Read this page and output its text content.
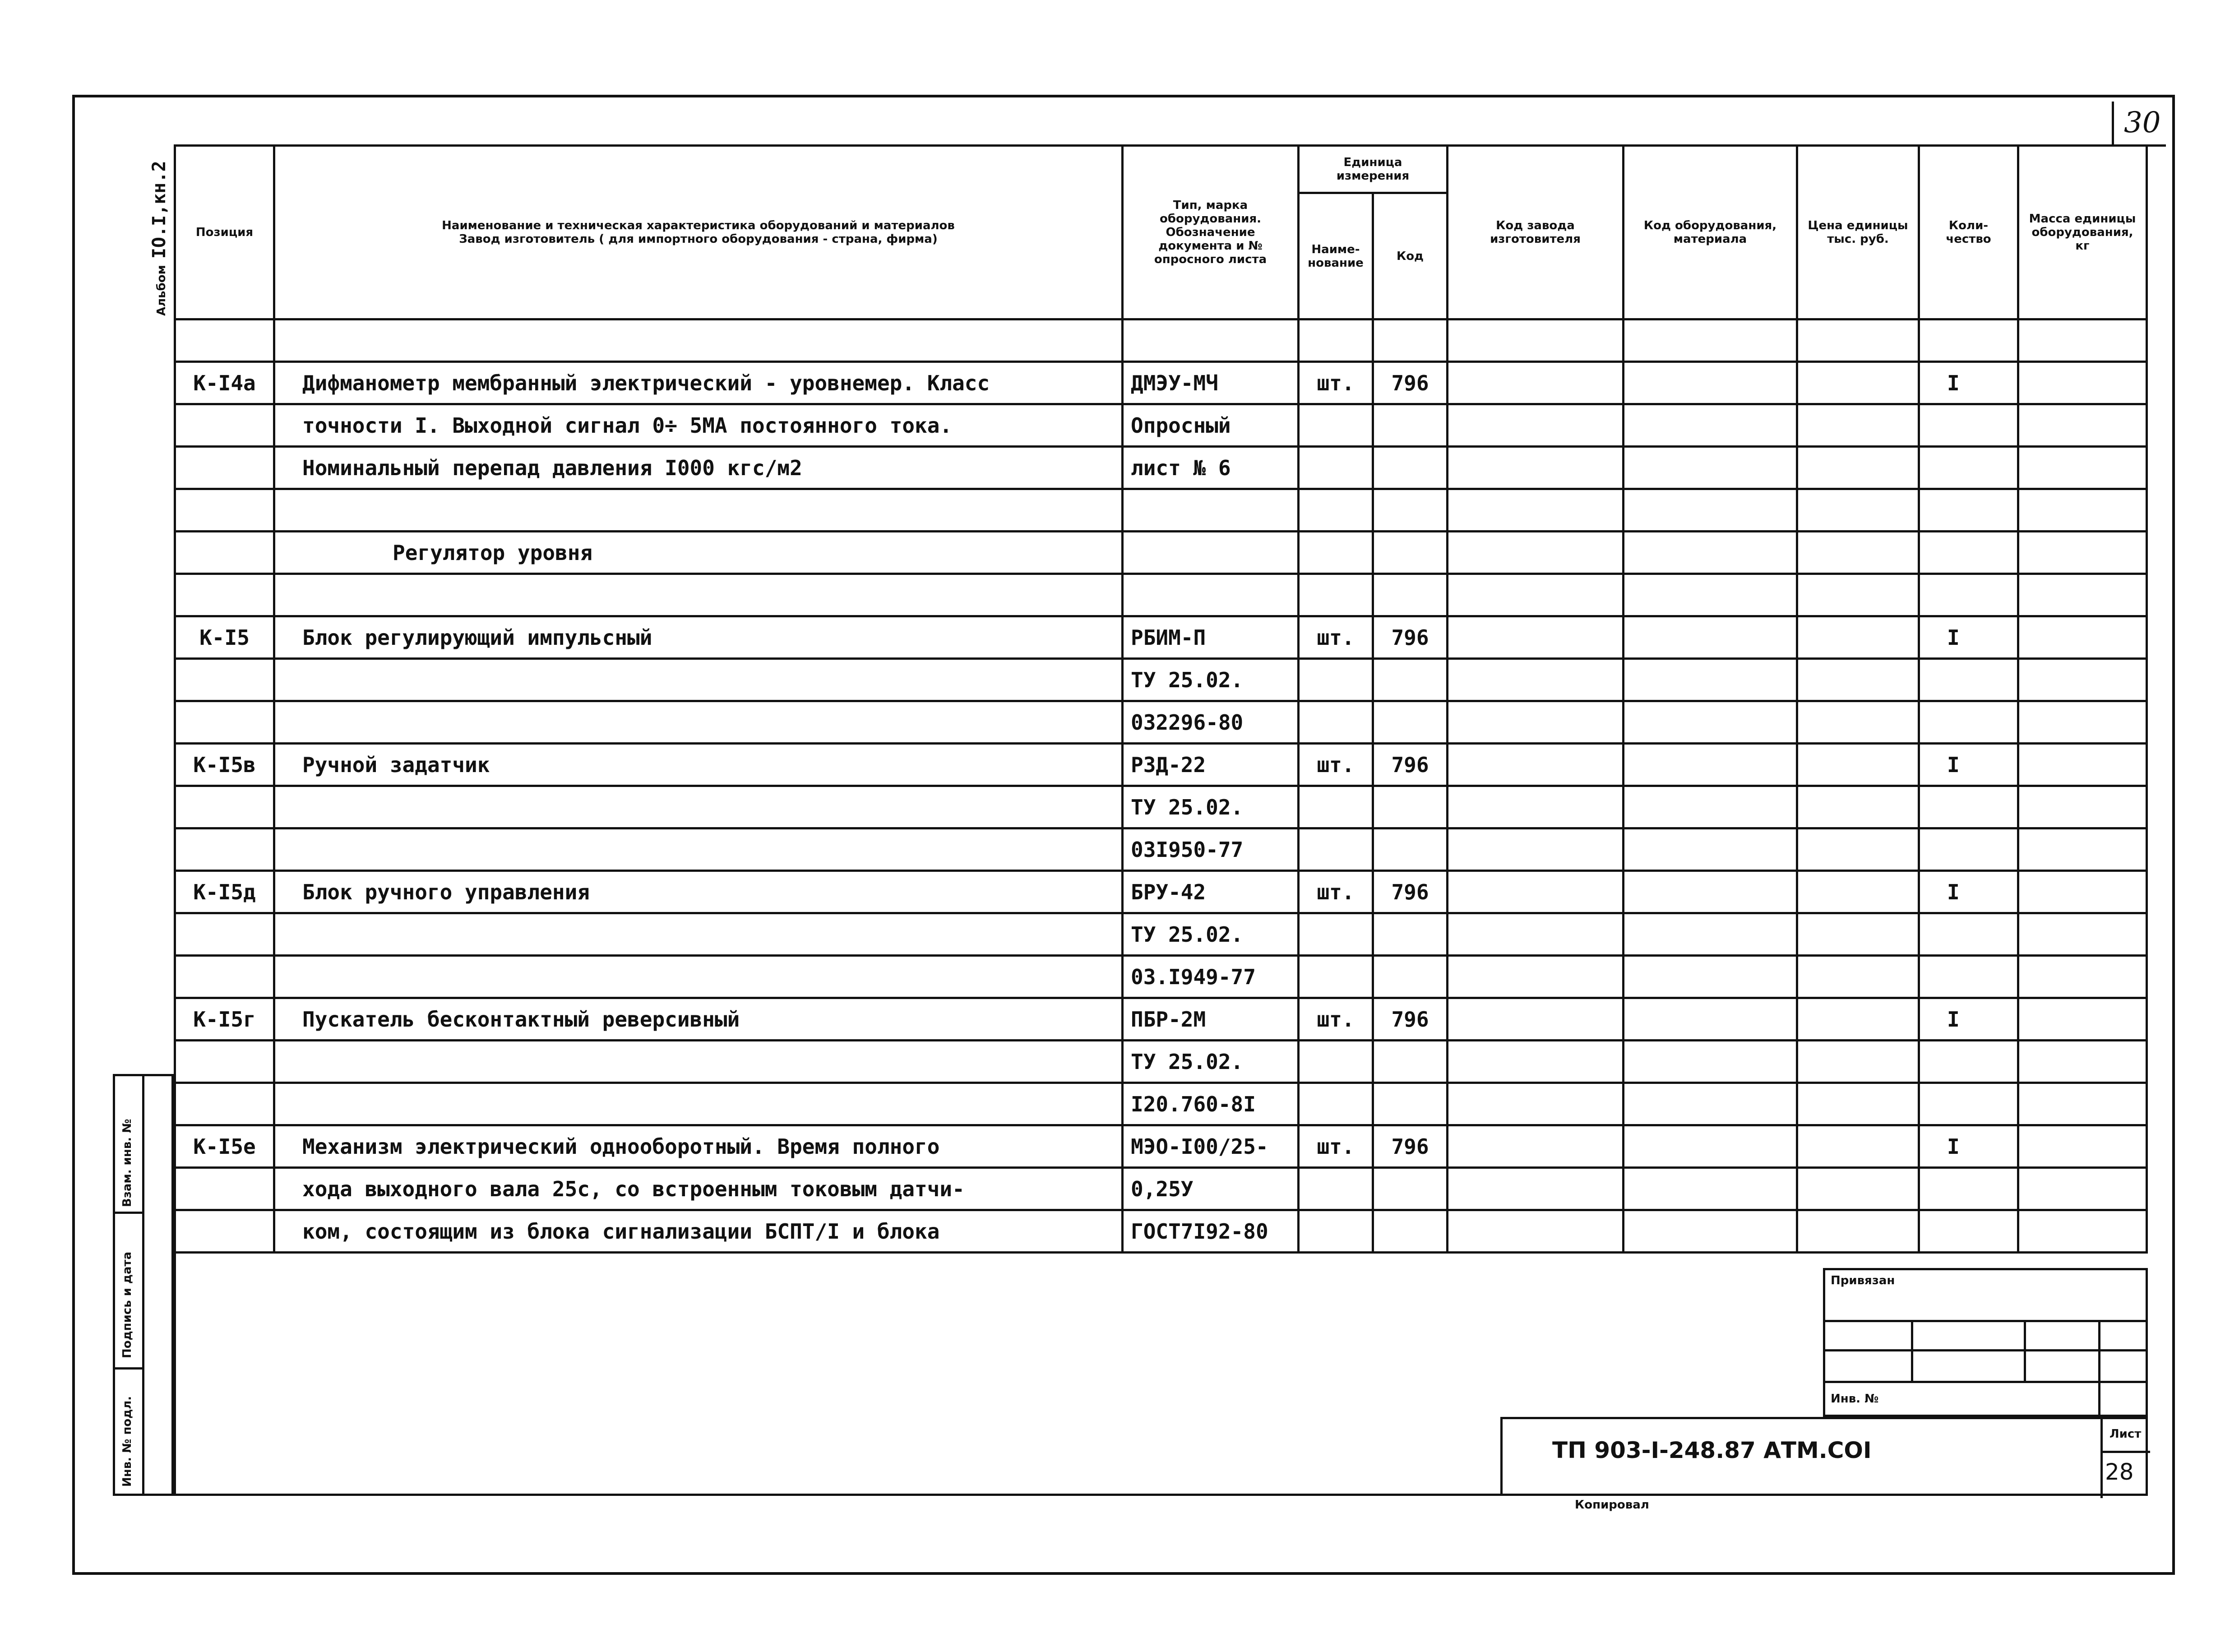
Альбом IO.I,кн.2
30
Позиция	Наименование и техническая характеристика оборудований и материалов
Завод изготовитель ( для импортного оборудования - страна, фирма)	Тип, марка оборудования. Обозначение документа и № опросного листа	Единица измерения		Код завода изготовителя	Код оборудования, материала	Цена единицы тыс. руб.	Коли-чество	Масса единицы оборудования, кг
			Наиме-нование	Код					

К-I4а	Дифманометр мембранный электрический - уровнемер. Класс	ДМЭУ-МЧ	шт.	796				I	
	точности I. Выходной сигнал 0÷ 5МА постоянного тока.	Опросный							
	Номинальный перепад давления I000 кгс/м2	лист № 6							

	Регулятор уровня								

К-I5	Блок регулирующий импульсный	РБИМ-П	шт.	796				I	
		ТУ 25.02.							
		032296-80							
К-I5в	Ручной задатчик	РЗД-22	шт.	796				I	
		ТУ 25.02.							
		03I950-77							
К-I5д	Блок ручного управления	БРУ-42	шт.	796				I	
		ТУ 25.02.							
		03.I949-77							
К-I5г	Пускатель бесконтактный реверсивный	ПБР-2М	шт.	796				I	
		ТУ 25.02.							
		I20.760-8I							
К-I5е	Механизм электрический однооборотный. Время полного	МЭО-I00/25-	шт.	796				I	
	хода выходного вала 25с, со встроенным токовым датчи-	0,25У							
	ком, состоящим из блока сигнализации БСПТ/I и блока	ГОСТ7I92-80							
Взам. инв. №
Подпись и дата
Инв. № подл.
Привязан
Инв. №
ТП 903-I-248.87 АТМ.СОI
Лист
28
Копировал
